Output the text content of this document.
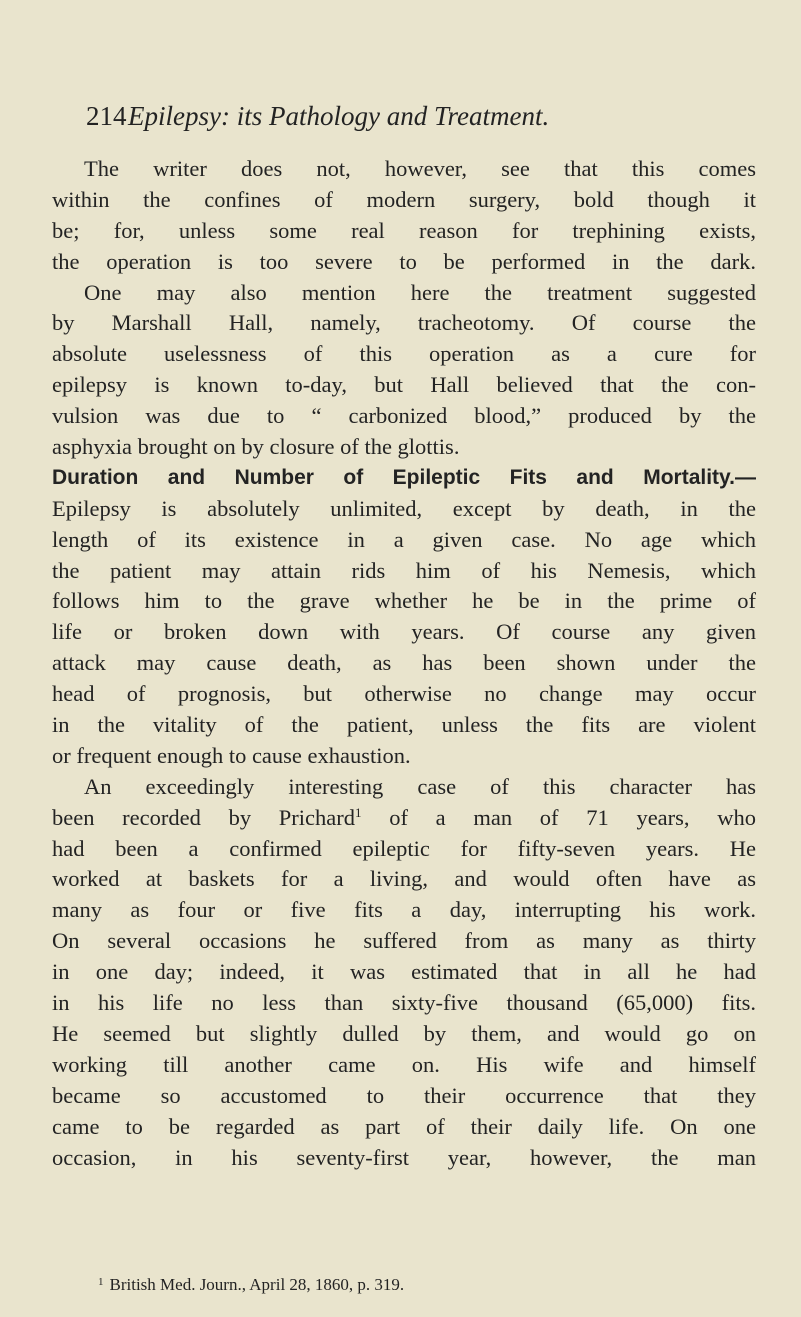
214 Epilepsy: its Pathology and Treatment.
The writer does not, however, see that this comes
within the confines of modern surgery, bold though it
be; for, unless some real reason for trephining exists,
the operation is too severe to be performed in the dark.
One may also mention here the treatment suggested
by Marshall Hall, namely, tracheotomy. Of course the
absolute uselessness of this operation as a cure for
epilepsy is known to-day, but Hall believed that the con-
vulsion was due to “ carbonized blood,” produced by the
asphyxia brought on by closure of the glottis.
Duration and Number of Epileptic Fits and Mortality.—
Epilepsy is absolutely unlimited, except by death, in the
length of its existence in a given case. No age which
the patient may attain rids him of his Nemesis, which
follows him to the grave whether he be in the prime of
life or broken down with years. Of course any given
attack may cause death, as has been shown under the
head of prognosis, but otherwise no change may occur
in the vitality of the patient, unless the fits are violent
or frequent enough to cause exhaustion.
An exceedingly interesting case of this character has
been recorded by Prichard$^1$ of a man of 71 years, who
had been a confirmed epileptic for fifty-seven years. He
worked at baskets for a living, and would often have as
many as four or five fits a day, interrupting his work.
On several occasions he suffered from as many as thirty
in one day; indeed, it was estimated that in all he had
in his life no less than sixty-five thousand (65,000) fits.
He seemed but slightly dulled by them, and would go on
working till another came on. His wife and himself
became so accustomed to their occurrence that they
came to be regarded as part of their daily life. On one
occasion, in his seventy-first year, however, the man
$^1$ British Med. Journ., April 28, 1860, p. 319.
